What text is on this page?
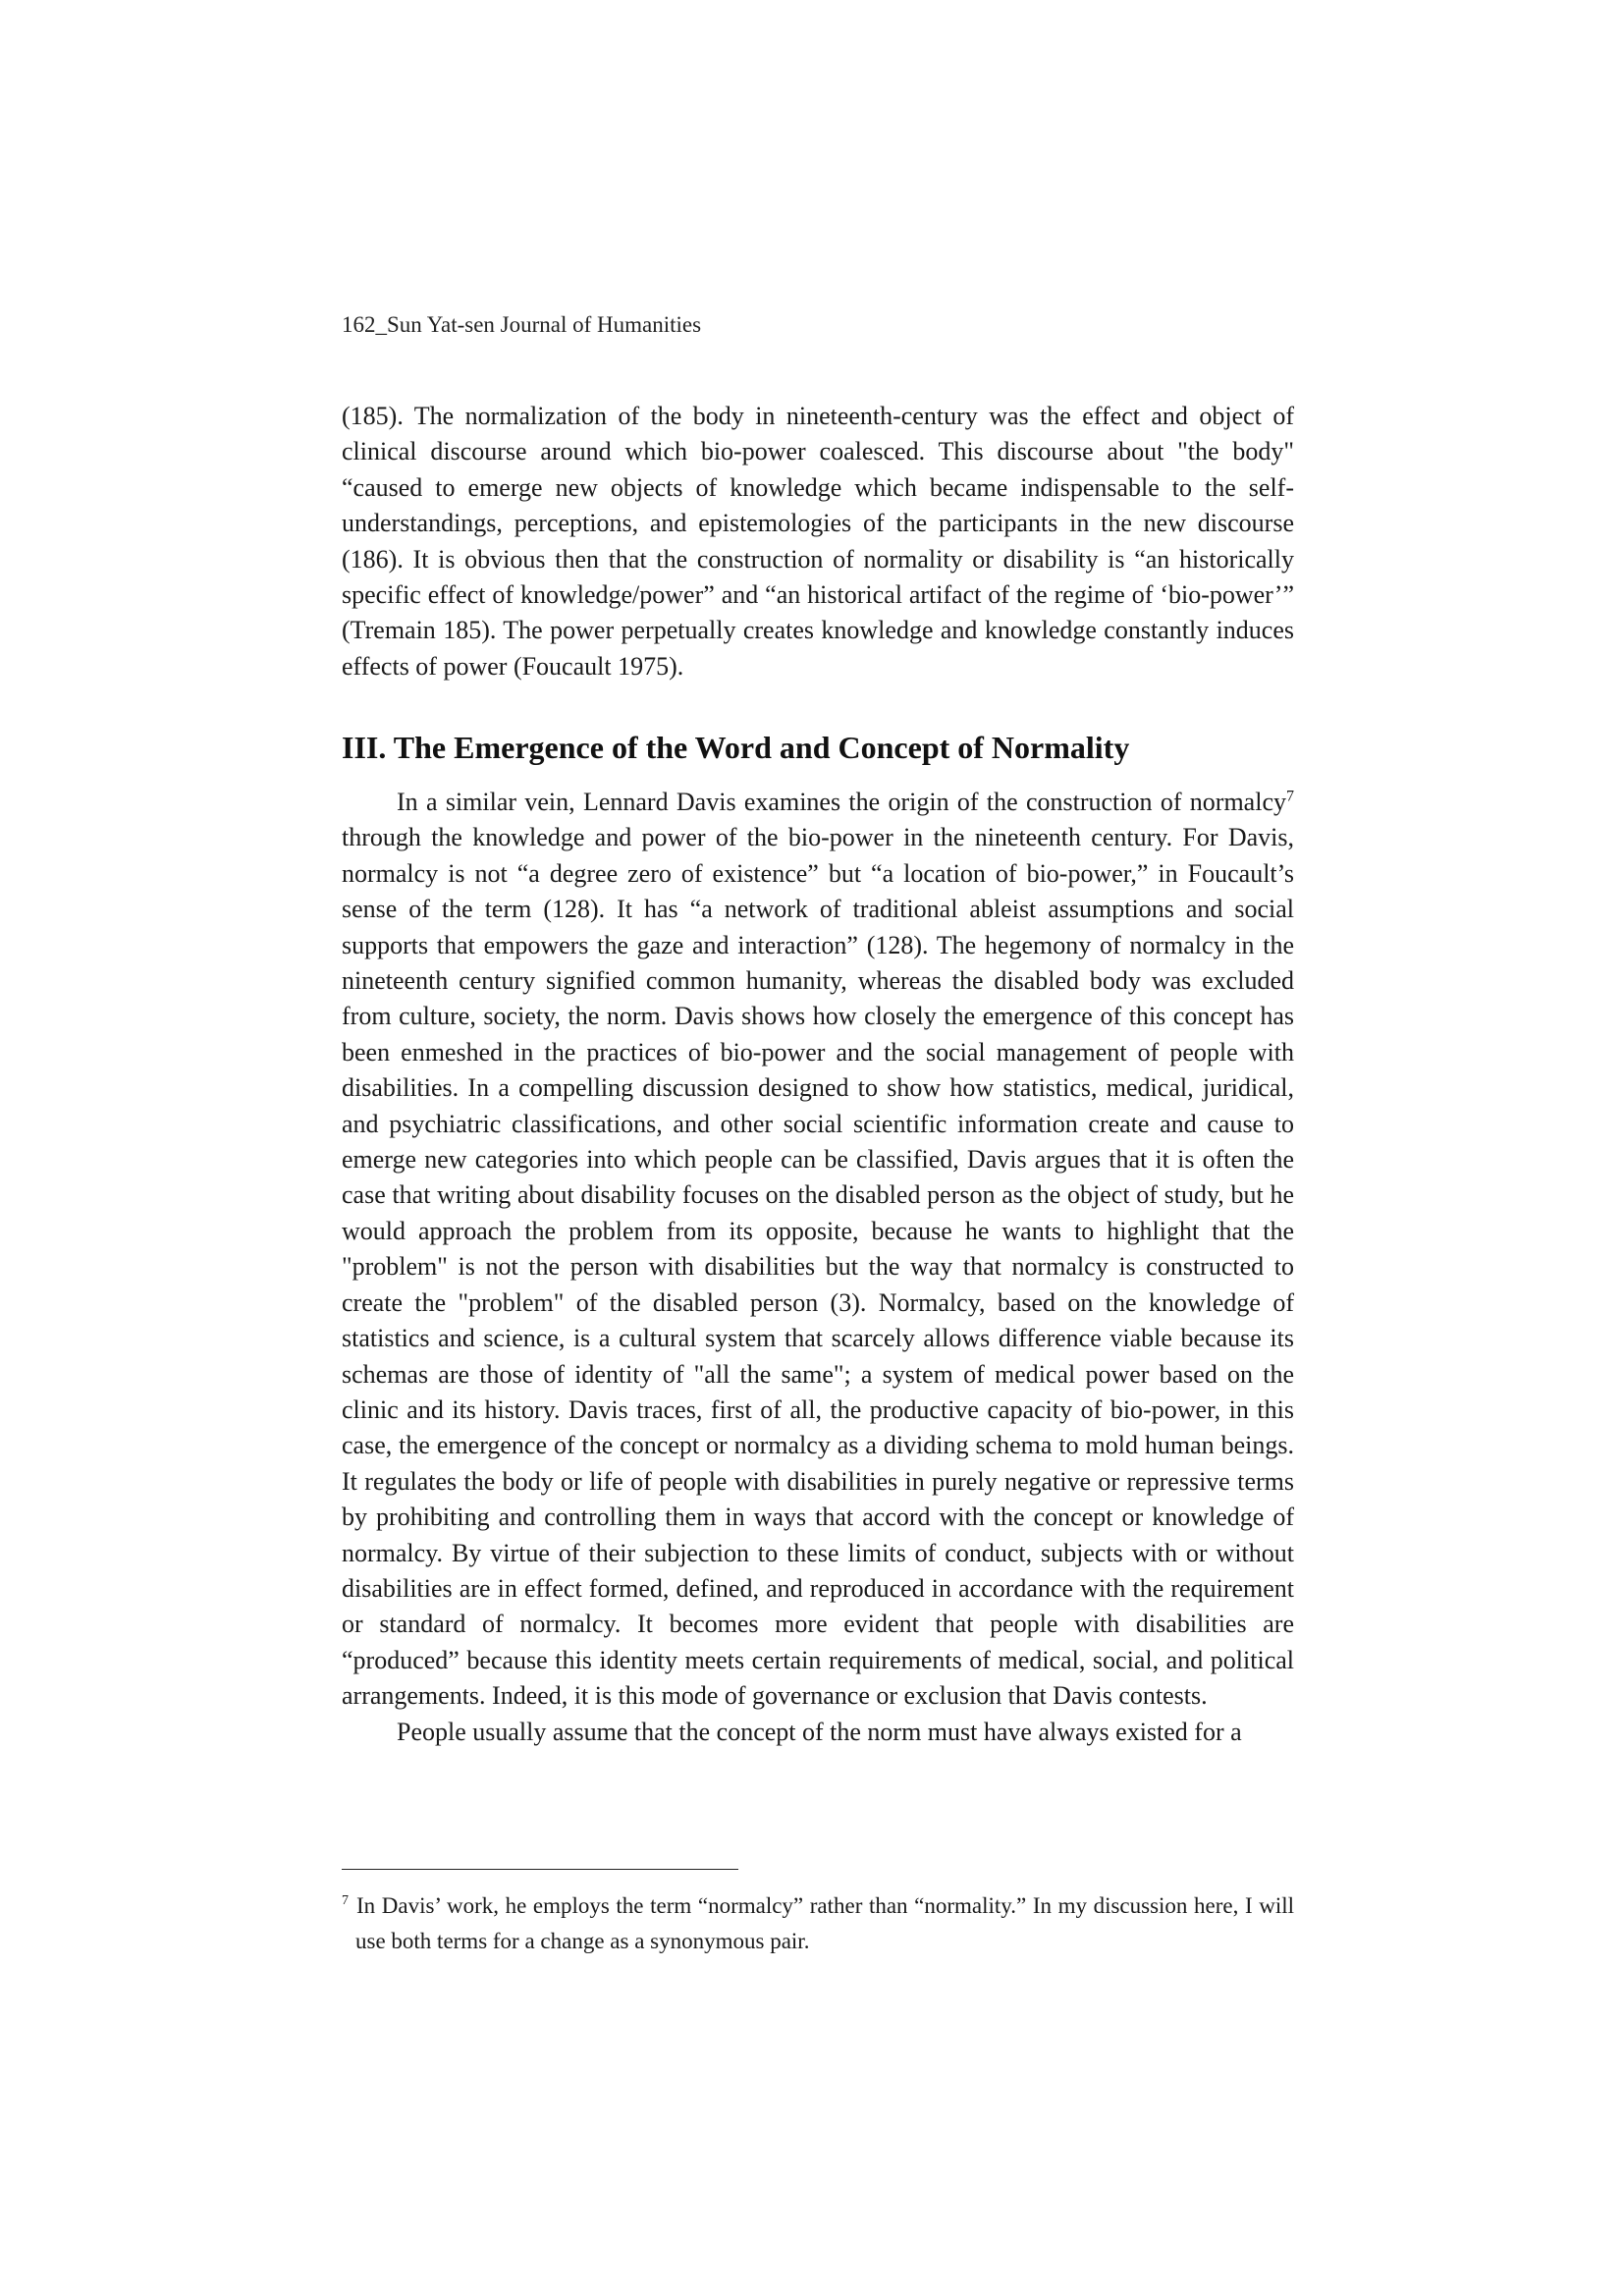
162_Sun Yat-sen Journal of Humanities

(185). The normalization of the body in nineteenth-century was the effect and object of clinical discourse around which bio-power coalesced. This discourse about "the body" “caused to emerge new objects of knowledge which became indispensable to the self-understandings, perceptions, and epistemologies of the participants in the new discourse (186). It is obvious then that the construction of normality or disability is “an historically specific effect of knowledge/power” and “an historical artifact of the regime of ‘bio-power’” (Tremain 185). The power perpetually creates knowledge and knowledge constantly induces effects of power (Foucault 1975).

III. The Emergence of the Word and Concept of Normality

In a similar vein, Lennard Davis examines the origin of the construction of normalcy$^7$ through the knowledge and power of the bio-power in the nineteenth century. For Davis, normalcy is not “a degree zero of existence” but “a location of bio-power,” in Foucault’s sense of the term (128). It has “a network of traditional ableist assumptions and social supports that empowers the gaze and interaction” (128). The hegemony of normalcy in the nineteenth century signified common humanity, whereas the disabled body was excluded from culture, society, the norm. Davis shows how closely the emergence of this concept has been enmeshed in the practices of bio-power and the social management of people with disabilities. In a compelling discussion designed to show how statistics, medical, juridical, and psychiatric classifications, and other social scientific information create and cause to emerge new categories into which people can be classified, Davis argues that it is often the case that writing about disability focuses on the disabled person as the object of study, but he would approach the problem from its opposite, because he wants to highlight that the "problem" is not the person with disabilities but the way that normalcy is constructed to create the "problem" of the disabled person (3). Normalcy, based on the knowledge of statistics and science, is a cultural system that scarcely allows difference viable because its schemas are those of identity of "all the same"; a system of medical power based on the clinic and its history. Davis traces, first of all, the productive capacity of bio-power, in this case, the emergence of the concept or normalcy as a dividing schema to mold human beings. It regulates the body or life of people with disabilities in purely negative or repressive terms by prohibiting and controlling them in ways that accord with the concept or knowledge of normalcy. By virtue of their subjection to these limits of conduct, subjects with or without disabilities are in effect formed, defined, and reproduced in accordance with the requirement or standard of normalcy. It becomes more evident that people with disabilities are “produced” because this identity meets certain requirements of medical, social, and political arrangements. Indeed, it is this mode of governance or exclusion that Davis contests.

People usually assume that the concept of the norm must have always existed for a

$^7$ In Davis’ work, he employs the term “normalcy” rather than “normality.” In my discussion here, I will use both terms for a change as a synonymous pair.
